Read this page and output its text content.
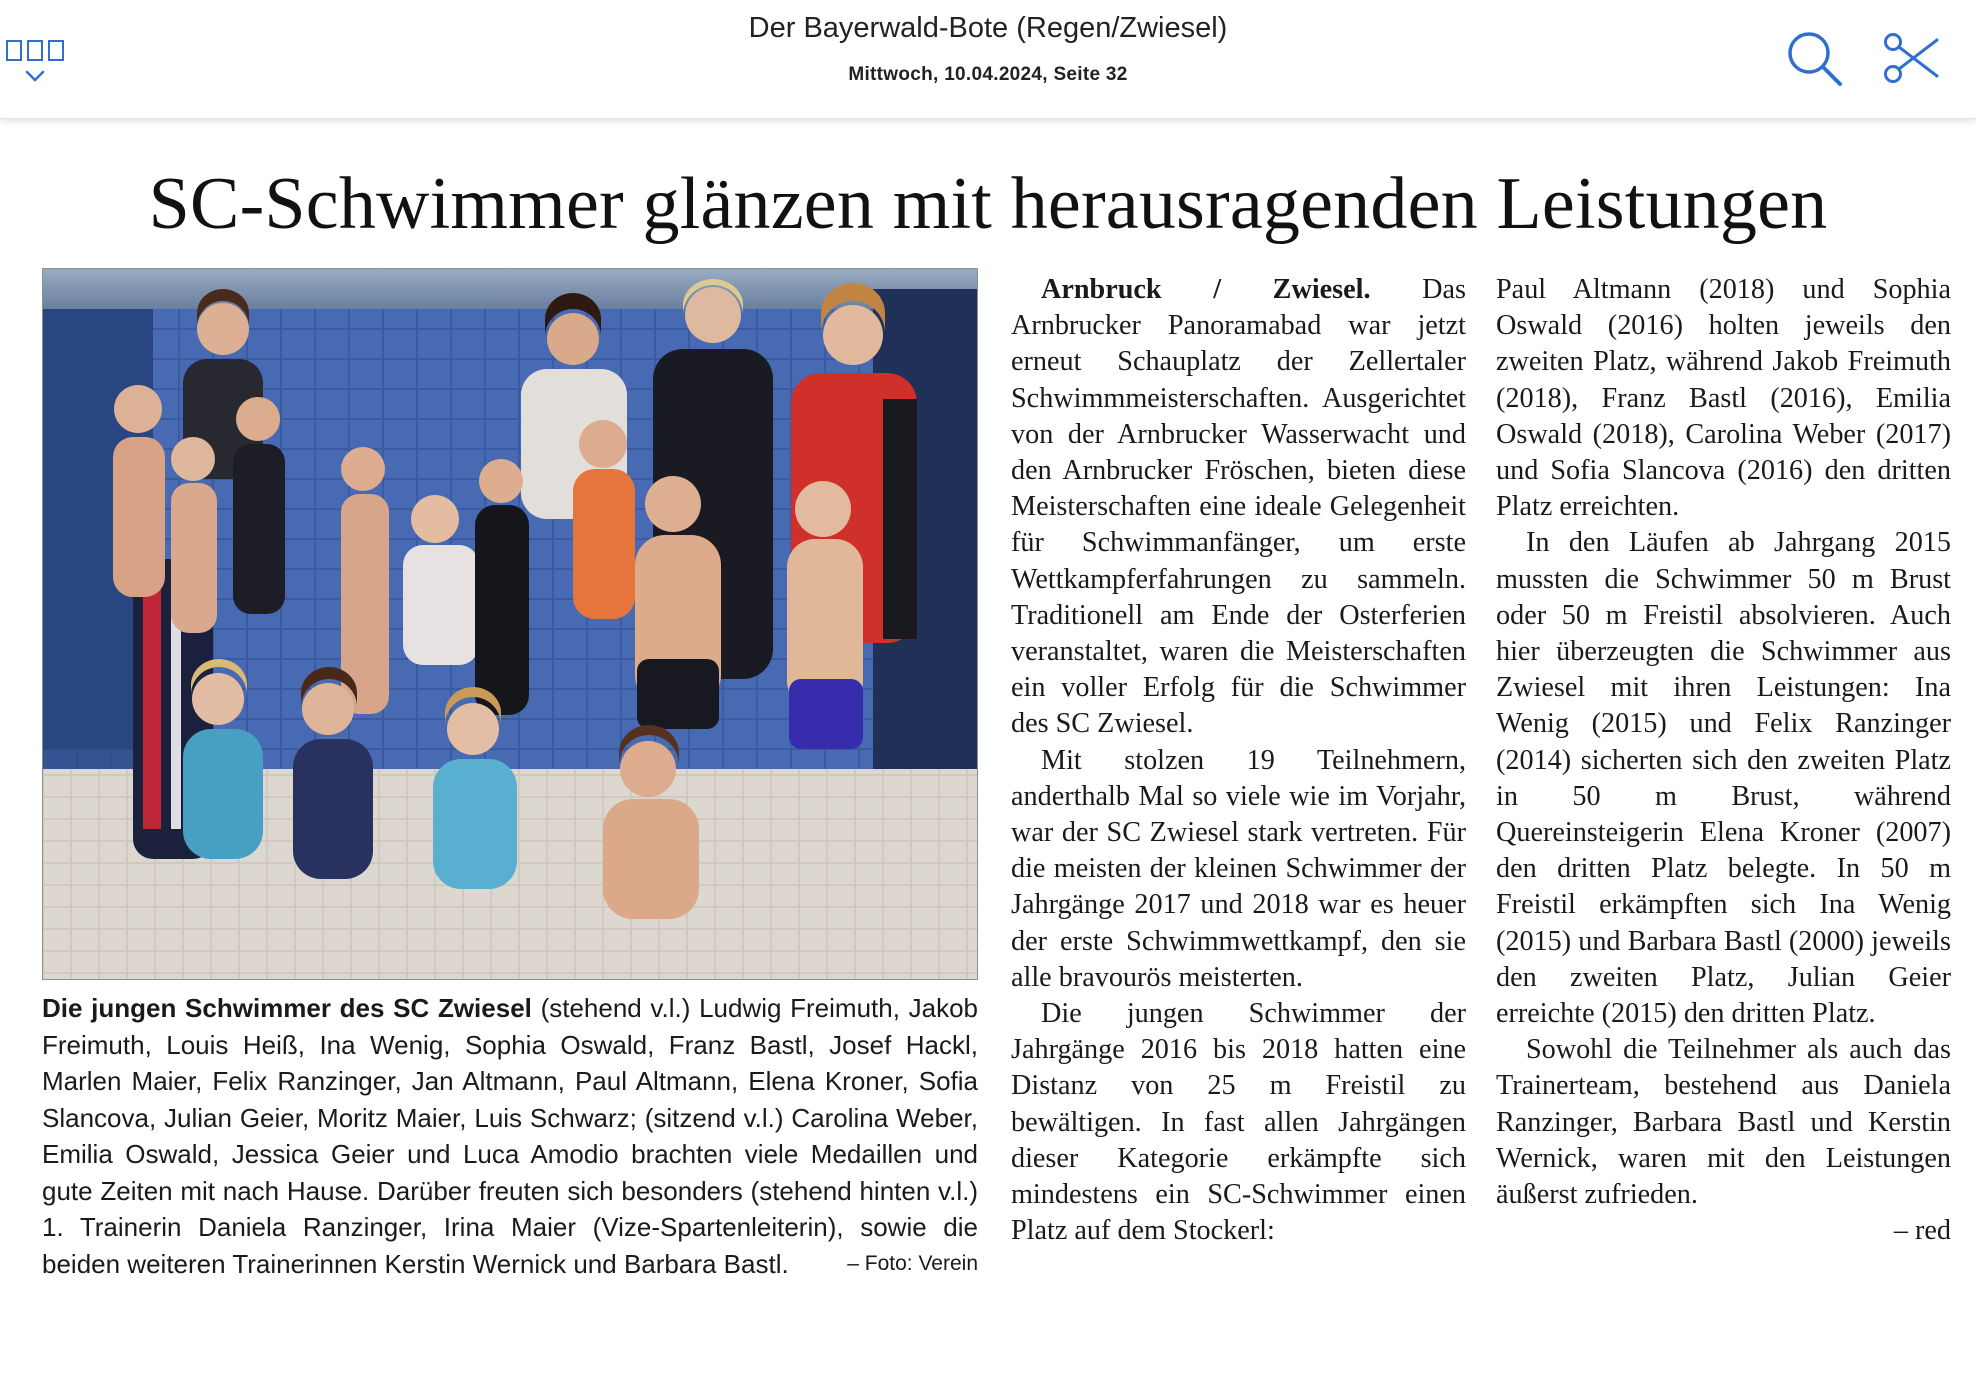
Der Bayerwald-Bote (Regen/Zwiesel)
Mittwoch, 10.04.2024, Seite 32
SC-Schwimmer glänzen mit herausragenden Leistungen
Die jungen Schwimmer des SC Zwiesel (stehend v.l.) Ludwig Freimuth, Jakob Freimuth, Louis Heiß, Ina Wenig, Sophia Oswald, Franz Bastl, Josef Hackl, Marlen Maier, Felix Ranzinger, Jan Altmann, Paul Altmann, Elena Kroner, Sofia Slancova, Julian Geier, Moritz Maier, Luis Schwarz; (sitzend v.l.) Carolina Weber, Emilia Oswald, Jessica Geier und Luca Amodio brachten viele Medaillen und gute Zeiten mit nach Hause. Darüber freuten sich besonders (stehend hinten v.l.) 1. Trainerin Daniela Ranzinger, Irina Maier (Vize-Spartenleiterin), sowie die beiden weiteren Trainerinnen Kerstin Wernick und Barbara Bastl.	– Foto: Verein

Arnbruck / Zwiesel. Das Arnbrucker Panoramabad war jetzt erneut Schauplatz der Zellertaler Schwimmmeisterschaften. Ausgerichtet von der Arnbrucker Wasserwacht und den Arnbrucker Fröschen, bieten diese Meisterschaften eine ideale Gelegenheit für Schwimmanfänger, um erste Wettkampferfahrungen zu sammeln. Traditionell am Ende der Osterferien veranstaltet, waren die Meisterschaften ein voller Erfolg für die Schwimmer des SC Zwiesel.

Mit stolzen 19 Teilnehmern, anderthalb Mal so viele wie im Vorjahr, war der SC Zwiesel stark vertreten. Für die meisten der kleinen Schwimmer der Jahrgänge 2017 und 2018 war es heuer der erste Schwimmwettkampf, den sie alle bravourös meisterten.

Die jungen Schwimmer der Jahrgänge 2016 bis 2018 hatten eine Distanz von 25 m Freistil zu bewältigen. In fast allen Jahrgängen dieser Kategorie erkämpfte sich mindestens ein SC-Schwimmer einen Platz auf dem Stockerl:

Paul Altmann (2018) und Sophia Oswald (2016) holten jeweils den zweiten Platz, während Jakob Freimuth (2018), Franz Bastl (2016), Emilia Oswald (2018), Carolina Weber (2017) und Sofia Slancova (2016) den dritten Platz erreichten.

In den Läufen ab Jahrgang 2015 mussten die Schwimmer 50 m Brust oder 50 m Freistil absolvieren. Auch hier überzeugten die Schwimmer aus Zwiesel mit ihren Leistungen: Ina Wenig (2015) und Felix Ranzinger (2014) sicherten sich den zweiten Platz in 50 m Brust, während Quereinsteigerin Elena Kroner (2007) den dritten Platz belegte. In 50 m Freistil erkämpften sich Ina Wenig (2015) und Barbara Bastl (2000) jeweils den zweiten Platz, Julian Geier erreichte (2015) den dritten Platz.

Sowohl die Teilnehmer als auch das Trainerteam, bestehend aus Daniela Ranzinger, Barbara Bastl und Kerstin Wernick, waren mit den Leistungen äußerst zufrieden.

– red
